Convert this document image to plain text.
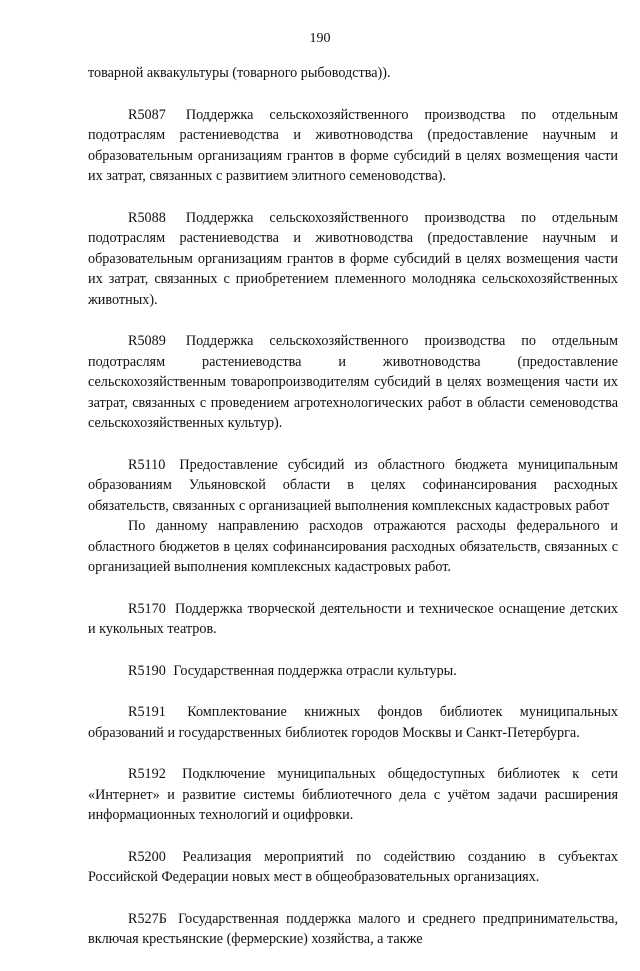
190

товарной аквакультуры (товарного рыбоводства)).

R5087 Поддержка сельскохозяйственного производства по отдельным подотраслям растениеводства и животноводства (предоставление научным и образовательным организациям грантов в форме субсидий в целях возмещения части их затрат, связанных с развитием элитного семеноводства).

R5088 Поддержка сельскохозяйственного производства по отдельным подотраслям растениеводства и животноводства (предоставление научным и образовательным организациям грантов в форме субсидий в целях возмещения части их затрат, связанных с приобретением племенного молодняка сельскохозяйственных животных).

R5089 Поддержка сельскохозяйственного производства по отдельным подотраслям растениеводства и животноводства (предоставление сельскохозяйственным товаропроизводителям субсидий в целях возмещения части их затрат, связанных с проведением агротехнологических работ в области семеноводства сельскохозяйственных культур).

R5110 Предоставление субсидий из областного бюджета муниципальным образованиям Ульяновской области в целях софинансирования расходных обязательств, связанных с организацией выполнения комплексных кадастровых работ

По данному направлению расходов отражаются расходы федерального и областного бюджетов в целях софинансирования расходных обязательств, связанных с организацией выполнения комплексных кадастровых работ.

R5170 Поддержка творческой деятельности и техническое оснащение детских и кукольных театров.

R5190 Государственная поддержка отрасли культуры.

R5191 Комплектование книжных фондов библиотек муниципальных образований и государственных библиотек городов Москвы и Санкт-Петербурга.

R5192 Подключение муниципальных общедоступных библиотек к сети «Интернет» и развитие системы библиотечного дела с учётом задачи расширения информационных технологий и оцифровки.

R5200 Реализация мероприятий по содействию созданию в субъектах Российской Федерации новых мест в общеобразовательных организациях.

R527Б Государственная поддержка малого и среднего предпринимательства, включая крестьянские (фермерские) хозяйства, а также
